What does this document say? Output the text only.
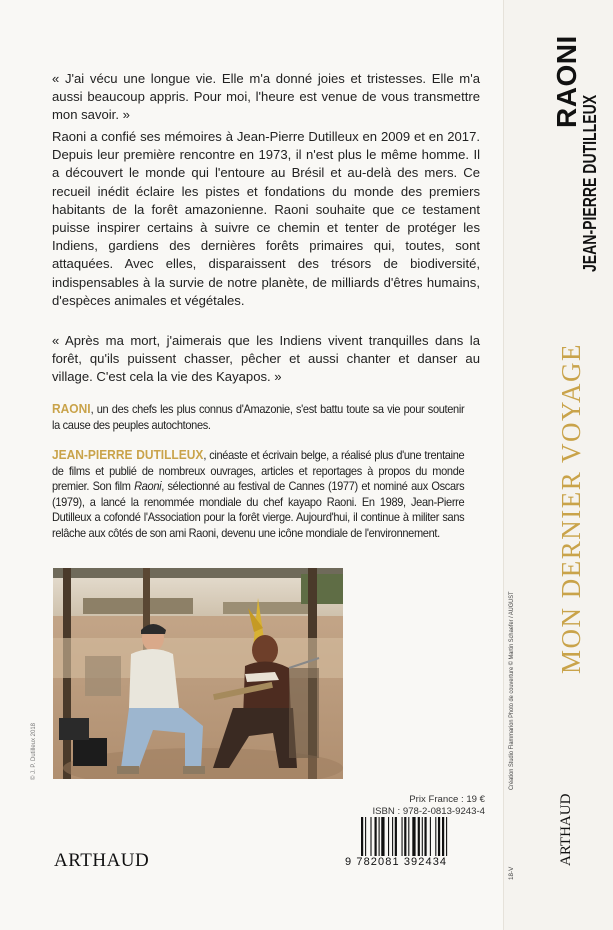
« J'ai vécu une longue vie. Elle m'a donné joies et tristesses. Elle m'a aussi beaucoup appris. Pour moi, l'heure est venue de vous transmettre mon savoir. »

Raoni a confié ses mémoires à Jean-Pierre Dutilleux en 2009 et en 2017. Depuis leur première rencontre en 1973, il n'est plus le même homme. Il a découvert le monde qui l'entoure au Brésil et au-delà des mers. Ce recueil inédit éclaire les pistes et fondations du monde des premiers habitants de la forêt amazonienne. Raoni souhaite que ce testament puisse inspirer certains à suivre ce chemin et tenter de protéger les Indiens, gardiens des dernières forêts primaires qui, toutes, sont attaquées. Avec elles, disparaissent des trésors de biodiversité, indispensables à la survie de notre planète, de milliards d'êtres humains, d'espèces animales et végétales.

« Après ma mort, j'aimerais que les Indiens vivent tranquilles dans la forêt, qu'ils puissent chasser, pêcher et aussi chanter et danser au village. C'est cela la vie des Kayapos. »

RAONI, un des chefs les plus connus d'Amazonie, s'est battu toute sa vie pour soutenir la cause des peuples autochtones.

JEAN-PIERRE DUTILLEUX, cinéaste et écrivain belge, a réalisé plus d'une trentaine de films et publié de nombreux ouvrages, articles et reportages à propos du monde premier. Son film Raoni, sélectionné au festival de Cannes (1977) et nominé aux Oscars (1979), a lancé la renommée mondiale du chef kayapo Raoni. En 1989, Jean-Pierre Dutilleux a cofondé l'Association pour la forêt vierge. Aujourd'hui, il continue à militer sans relâche aux côtés de son ami Raoni, devenu une icône mondiale de l'environnement.

© J. P. Dutilleux 2018
ARTHAUD
Prix France : 19 €
ISBN : 978-2-0813-9243-4
9 782081 392434
RAONI
JEAN-PIERRE DUTILLEUX
MON DERNIER VOYAGE
ARTHAUD
Création Studio Flammarion Photo de couverture © Martin Schaefer / AUGUST
18-V
